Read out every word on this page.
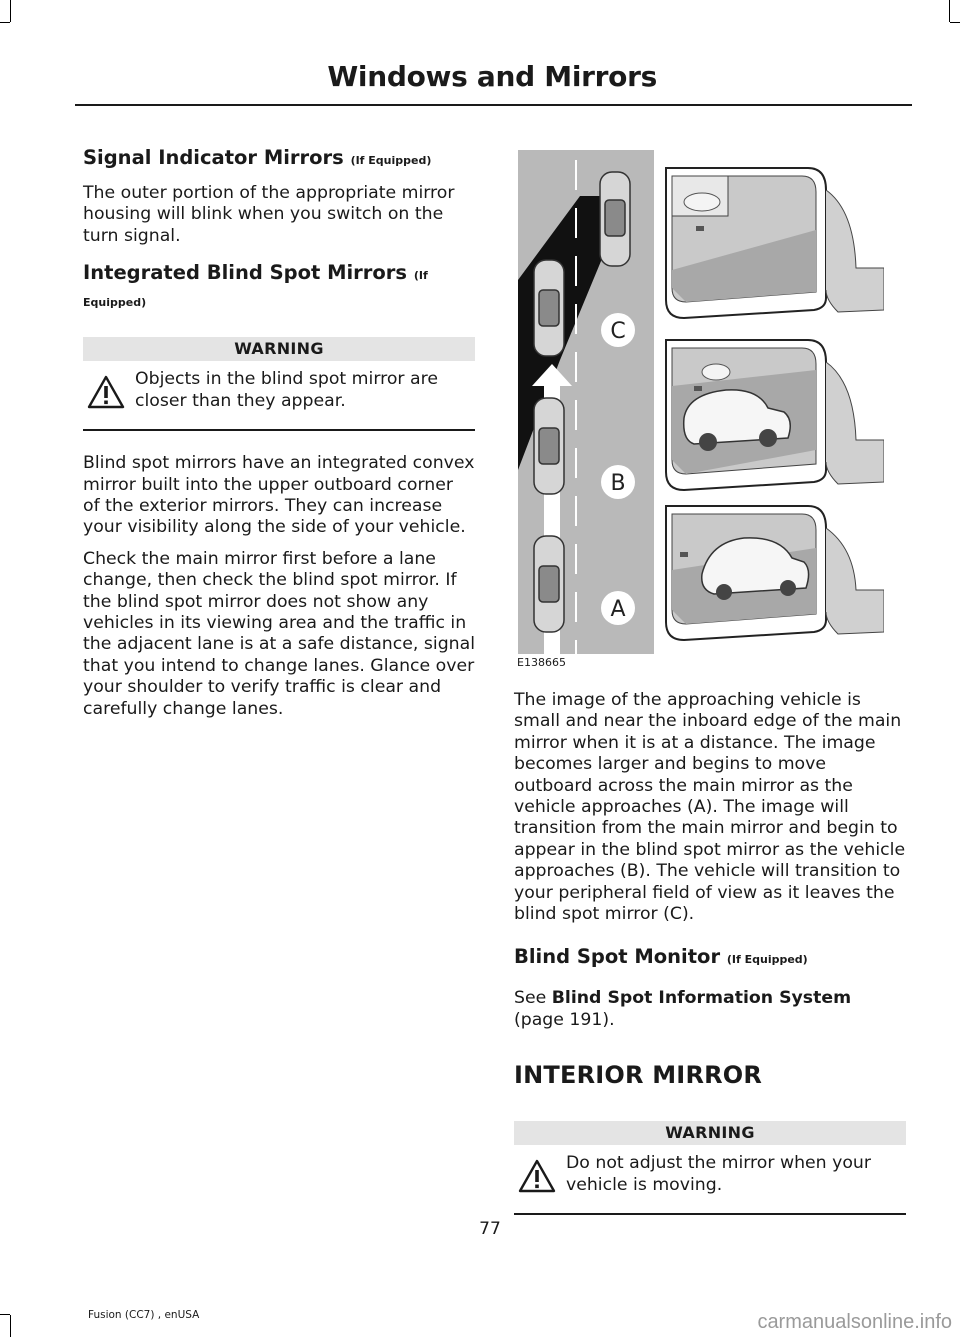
Windows and Mirrors
Signal Indicator Mirrors (If Equipped)

The outer portion of the appropriate mirror housing will blink when you switch on the turn signal.

Integrated Blind Spot Mirrors (If Equipped)
WARNING
Objects in the blind spot mirror are closer than they appear.

Blind spot mirrors have an integrated convex mirror built into the upper outboard corner of the exterior mirrors. They can increase your visibility along the side of your vehicle.

Check the main mirror first before a lane change, then check the blind spot mirror. If the blind spot mirror does not show any vehicles in its viewing area and the traffic in the adjacent lane is at a safe distance, signal that you intend to change lanes. Glance over your shoulder to verify traffic is clear and carefully change lanes.

C
B
A
E138665

The image of the approaching vehicle is small and near the inboard edge of the main mirror when it is at a distance. The image becomes larger and begins to move outboard across the main mirror as the vehicle approaches (A). The image will transition from the main mirror and begin to appear in the blind spot mirror as the vehicle approaches (B). The vehicle will transition to your peripheral field of view as it leaves the blind spot mirror (C).

Blind Spot Monitor (If Equipped)

See Blind Spot Information System
(page 191).

INTERIOR MIRROR
WARNING
Do not adjust the mirror when your vehicle is moving.
77
Fusion (CC7) , enUSA	carmanualsonline.info
